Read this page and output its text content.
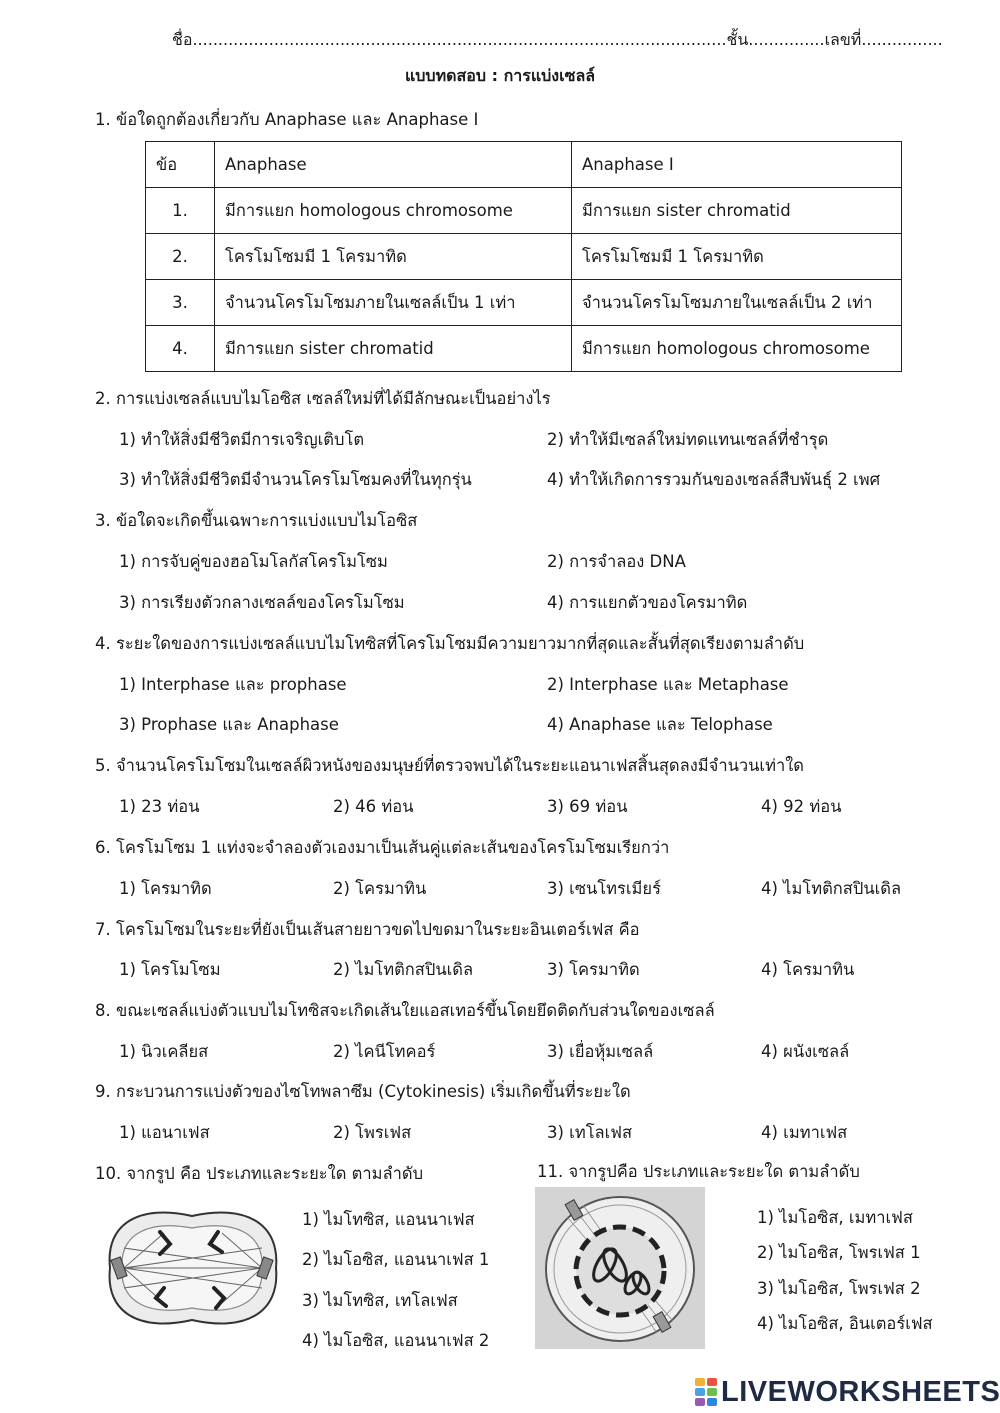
ชื่อ.........................................................................................................ชั้น...............เลขที่................
แบบทดสอบ : การแบ่งเซลล์
1. ข้อใดถูกต้องเกี่ยวกับ Anaphase และ Anaphase I
ข้อ	Anaphase	Anaphase I
1.	มีการแยก homologous chromosome	มีการแยก sister chromatid
2.	โครโมโซมมี 1 โครมาทิด	โครโมโซมมี 1 โครมาทิด
3.	จำนวนโครโมโซมภายในเซลล์เป็น 1 เท่า	จำนวนโครโมโซมภายในเซลล์เป็น 2 เท่า
4.	มีการแยก sister chromatid	มีการแยก homologous chromosome
2. การแบ่งเซลล์แบบไมโอซิส เซลล์ใหม่ที่ได้มีลักษณะเป็นอย่างไร
1) ทำให้สิ่งมีชีวิตมีการเจริญเติบโต	2) ทำให้มีเซลล์ใหม่ทดแทนเซลล์ที่ชำรุด
3) ทำให้สิ่งมีชีวิตมีจำนวนโครโมโซมคงที่ในทุกรุ่น	4) ทำให้เกิดการรวมกันของเซลล์สืบพันธุ์ 2 เพศ
3. ข้อใดจะเกิดขึ้นเฉพาะการแบ่งแบบไมโอซิส
1) การจับคู่ของฮอโมโลกัสโครโมโซม	2) การจำลอง DNA
3) การเรียงตัวกลางเซลล์ของโครโมโซม	4) การแยกตัวของโครมาทิด
4. ระยะใดของการแบ่งเซลล์แบบไมโทซิสที่โครโมโซมมีความยาวมากที่สุดและสั้นที่สุดเรียงตามลำดับ
1) Interphase และ prophase	2) Interphase และ Metaphase
3) Prophase และ Anaphase	4) Anaphase และ Telophase
5. จำนวนโครโมโซมในเซลล์ผิวหนังของมนุษย์ที่ตรวจพบได้ในระยะแอนาเฟสสิ้นสุดลงมีจำนวนเท่าใด
1) 23 ท่อน	2) 46 ท่อน	3) 69 ท่อน	4) 92 ท่อน
6. โครโมโซม 1 แท่งจะจำลองตัวเองมาเป็นเส้นคู่แต่ละเส้นของโครโมโซมเรียกว่า
1) โครมาทิด	2) โครมาทิน	3) เซนโทรเมียร์	4) ไมโทติกสปินเดิล
7. โครโมโซมในระยะที่ยังเป็นเส้นสายยาวขดไปขดมาในระยะอินเตอร์เฟส คือ
1) โครโมโซม	2) ไมโทติกสปินเดิล	3) โครมาทิด	4) โครมาทิน
8. ขณะเซลล์แบ่งตัวแบบไมโทซิสจะเกิดเส้นใยแอสเทอร์ขึ้นโดยยึดติดกับส่วนใดของเซลล์
1) นิวเคลียส	2) ไคนีโทคอร์	3) เยื่อหุ้มเซลล์	4) ผนังเซลล์
9. กระบวนการแบ่งตัวของไซโทพลาซึม (Cytokinesis) เริ่มเกิดขึ้นที่ระยะใด
1) แอนาเฟส	2) โพรเฟส	3) เทโลเฟส	4) เมทาเฟส
10. จากรูป คือ ประเภทและระยะใด ตามลำดับ
1) ไมโทซิส, แอนนาเฟส
2) ไมโอซิส, แอนนาเฟส 1
3) ไมโทซิส, เทโลเฟส
4) ไมโอซิส, แอนนาเฟส 2
11. จากรูปคือ ประเภทและระยะใด ตามลำดับ
1) ไมโอซิส, เมทาเฟส
2) ไมโอซิส, โพรเฟส 1
3) ไมโอซิส, โพรเฟส 2
4) ไมโอซิส, อินเตอร์เฟส
LIVEWORKSHEETS
